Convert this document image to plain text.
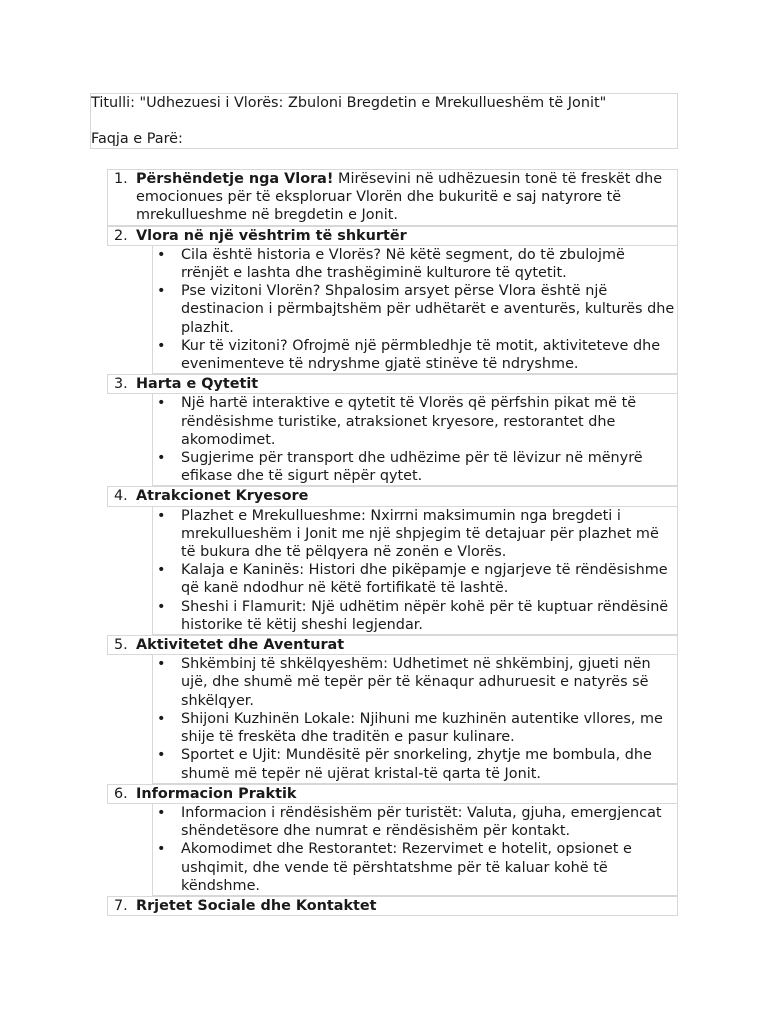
Titulli: "Udhezuesi i Vlorës: Zbuloni Bregdetin e Mrekullueshëm të Jonit"
Faqja e Parë:
1. Përshëndetje nga Vlora! Mirësevini në udhëzuesin tonë të freskët dhe emocionues për të eksploruar Vlorën dhe bukuritë e saj natyrore të mrekullueshme në bregdetin e Jonit.
2. Vlora në një vështrim të shkurtër
• Cila është historia e Vlorës? Në këtë segment, do të zbulojmë rrënjët e lashta dhe trashëgiminë kulturore të qytetit.
• Pse vizitoni Vlorën? Shpalosim arsyet përse Vlora është një destinacion i përmbajtshëm për udhëtarët e aventurës, kulturës dhe plazhit.
• Kur të vizitoni? Ofrojmë një përmbledhje të motit, aktiviteteve dhe evenimenteve të ndryshme gjatë stinëve të ndryshme.
3. Harta e Qytetit
• Një hartë interaktive e qytetit të Vlorës që përfshin pikat më të rëndësishme turistike, atraksionet kryesore, restorantet dhe akomodimet.
• Sugjerime për transport dhe udhëzime për të lëvizur në mënyrë efikase dhe të sigurt nëpër qytet.
4. Atrakcionet Kryesore
• Plazhet e Mrekullueshme: Nxirrni maksimumin nga bregdeti i mrekullueshëm i Jonit me një shpjegim të detajuar për plazhet më të bukura dhe të pëlqyera në zonën e Vlorës.
• Kalaja e Kaninës: Histori dhe pikëpamje e ngjarjeve të rëndësishme që kanë ndodhur në këtë fortifikatë të lashtë.
• Sheshi i Flamurit: Një udhëtim nëpër kohë për të kuptuar rëndësinë historike të këtij sheshi legjendar.
5. Aktivitetet dhe Aventurat
• Shkëmbinj të shkëlqyeshëm: Udhetimet në shkëmbinj, gjueti nën ujë, dhe shumë më tepër për të kënaqur adhuruesit e natyrës së shkëlqyer.
• Shijoni Kuzhinën Lokale: Njihuni me kuzhinën autentike vllores, me shije të freskëta dhe traditën e pasur kulinare.
• Sportet e Ujit: Mundësitë për snorkeling, zhytje me bombula, dhe shumë më tepër në ujërat kristal-të qarta të Jonit.
6. Informacion Praktik
• Informacion i rëndësishëm për turistët: Valuta, gjuha, emergjencat shëndetësore dhe numrat e rëndësishëm për kontakt.
• Akomodimet dhe Restorantet: Rezervimet e hotelit, opsionet e ushqimit, dhe vende të përshtatshme për të kaluar kohë të këndshme.
7. Rrjetet Sociale dhe Kontaktet
